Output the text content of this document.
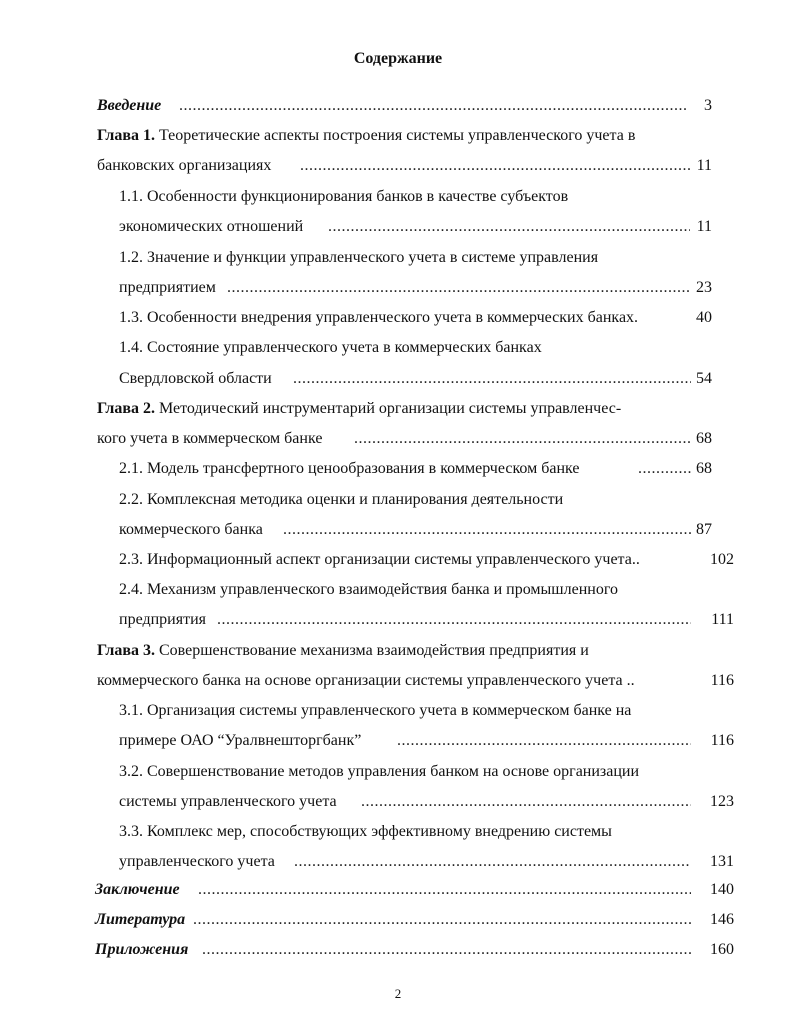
Содержание
Введение .....	3
Глава 1. Теоретические аспекты построения системы управленческого учета в
банковских организациях .....	11
1.1. Особенности функционирования банков в качестве субъектов
экономических отношений .....	11
1.2. Значение и функции управленческого учета в системе управления
предприятием .....	23
1.3. Особенности внедрения управленческого учета в коммерческих банках.	40
1.4. Состояние управленческого учета в коммерческих банках
Свердловской области .....	54
Глава 2. Методический инструментарий организации системы управленчес-
кого учета в коммерческом банке .....	68
2.1. Модель трансфертного ценообразования в коммерческом банке .....	68
2.2. Комплексная методика оценки и планирования деятельности
коммерческого банка .....	87
2.3. Информационный аспект организации системы управленческого учета..	102
2.4. Механизм управленческого взаимодействия банка и промышленного
предприятия .....	111
Глава 3. Совершенствование механизма взаимодействия предприятия и
коммерческого банка на основе организации системы управленческого учета ..	116
3.1. Организация системы управленческого учета в коммерческом банке на
примере ОАО “Уралвнешторгбанк” .....	116
3.2. Совершенствование методов управления банком на основе организации
системы управленческого учета .....	123
3.3. Комплекс мер, способствующих эффективному внедрению системы
управленческого учета .....	131
Заключение .....	140
Литература .....	146
Приложения .....	160
2
